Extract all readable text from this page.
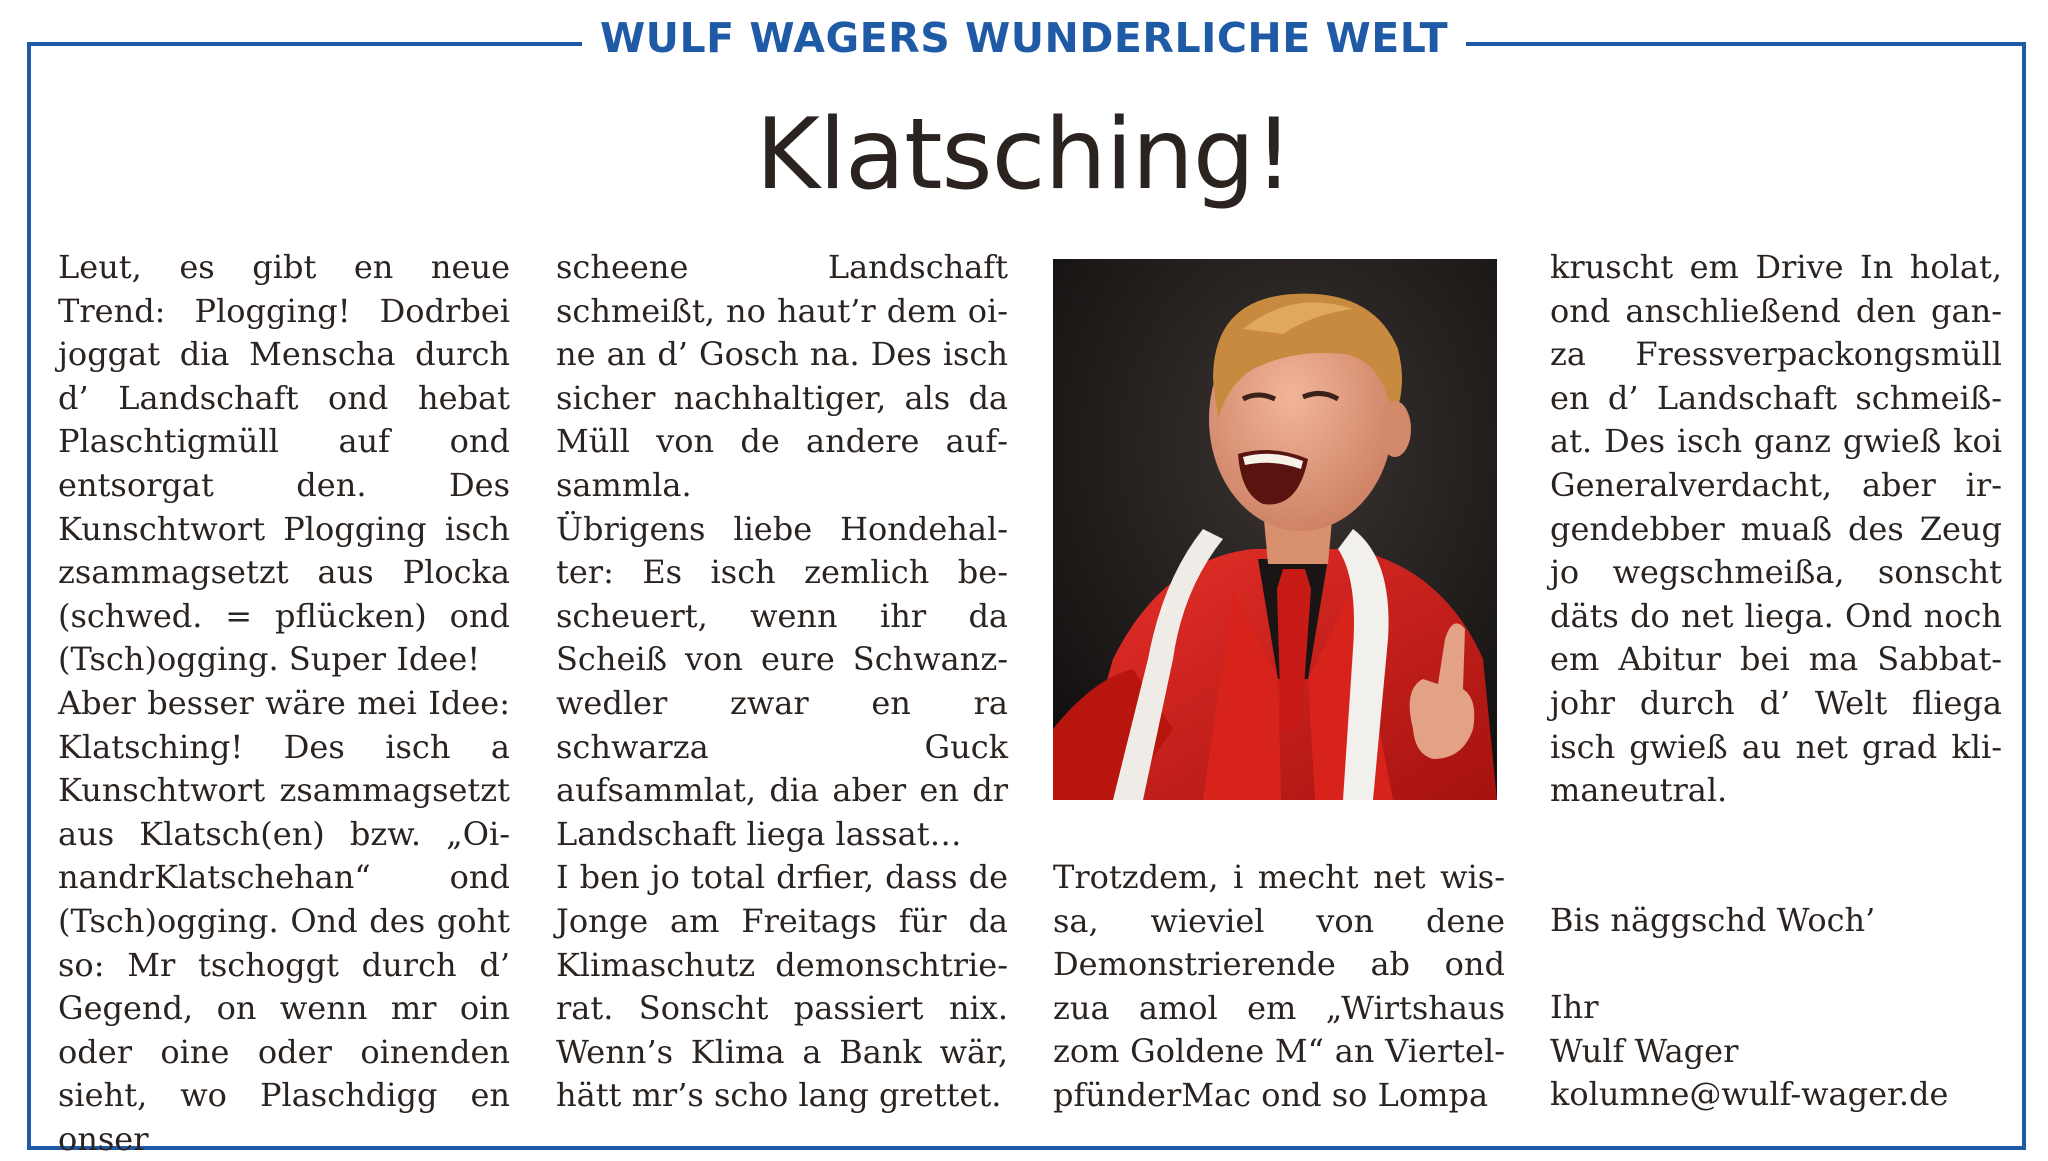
WULF WAGERS WUNDERLICHE WELT
Klatsching!

Leut, es gibt en neue Trend: Plogging! Dodrbei joggat dia Menscha durch d’ Landschaft ond hebat Plaschtigmüll auf ond entsorgat den. Des Kunschtwort Plogging isch zsammagsetzt aus Plocka (schwed. = pflücken) ond (Tsch)ogging. Super Idee!

Aber besser wäre mei Idee: Klatsching! Des isch a Kunschtwort zsammagsetzt aus Klatsch(en) bzw. „OinandrKlatschehan“ ond (Tsch)ogging. Ond des goht so: Mr tschoggt durch d’ Gegend, on wenn mr oin oder oine oder oinenden sieht, wo Plaschdigg en onser

scheene Landschaft schmeißt, no haut’r dem oine an d’ Gosch na. Des isch sicher nachhaltiger, als da Müll von de andere aufsammla.

Übrigens liebe Hondehalter: Es isch zemlich bescheuert, wenn ihr da Scheiß von eure Schwanzwedler zwar en ra schwarza Guck aufsammlat, dia aber en dr Landschaft liega lassat…

I ben jo total drfier, dass de Jonge am Freitags für da Klimaschutz demonschtrierat. Sonscht passiert nix. Wenn’s Klima a Bank wär, hätt mr’s scho lang grettet.

Trotzdem, i mecht net wissa, wieviel von dene Demonstrierende ab ond zua amol em „Wirtshaus zom Goldene M“ an ViertelpfünderMac ond so Lompa

kruscht em Drive In holat, ond anschließend den ganza Fressverpackongsmüll en d’ Landschaft schmeißat. Des isch ganz gwieß koi Generalverdacht, aber irgendebber muaß des Zeug jo wegschmeißa, sonscht däts do net liega. Ond noch em Abitur bei ma Sabbatjohr durch d’ Welt fliega isch gwieß au net grad klimaneutral.

Bis näggschd Woch’
Ihr
Wulf Wager
kolumne@wulf-wager.de
